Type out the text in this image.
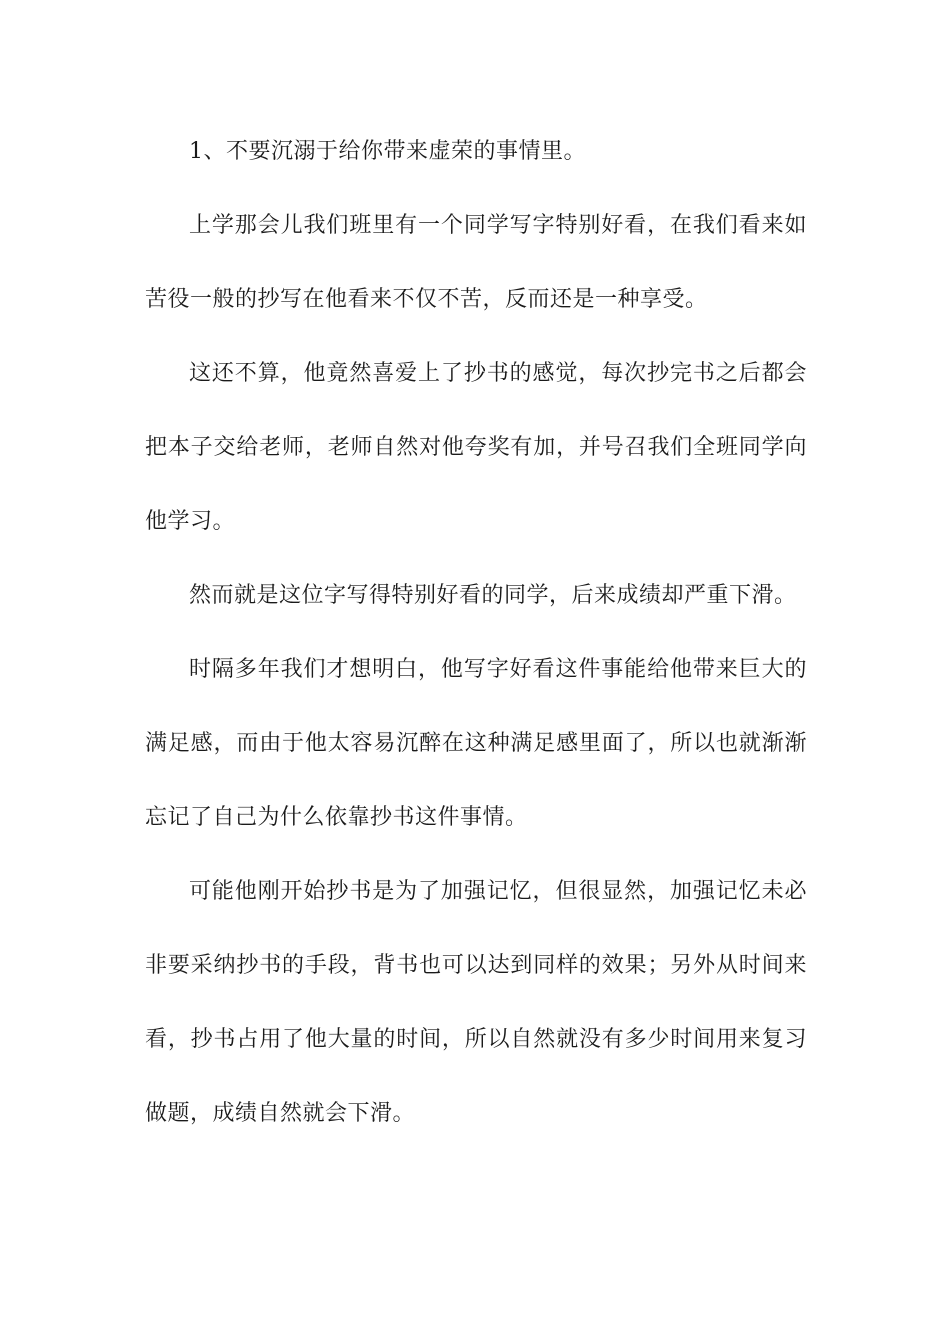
1、不要沉溺于给你带来虚荣的事情里。

上学那会儿我们班里有一个同学写字特别好看，在我们看来如苦役一般的抄写在他看来不仅不苦，反而还是一种享受。

这还不算，他竟然喜爱上了抄书的感觉，每次抄完书之后都会把本子交给老师，老师自然对他夸奖有加，并号召我们全班同学向他学习。

然而就是这位字写得特别好看的同学，后来成绩却严重下滑。

时隔多年我们才想明白，他写字好看这件事能给他带来巨大的满足感，而由于他太容易沉醉在这种满足感里面了，所以也就渐渐忘记了自己为什么依靠抄书这件事情。

可能他刚开始抄书是为了加强记忆，但很显然，加强记忆未必非要采纳抄书的手段，背书也可以达到同样的效果；另外从时间来看，抄书占用了他大量的时间，所以自然就没有多少时间用来复习做题，成绩自然就会下滑。
